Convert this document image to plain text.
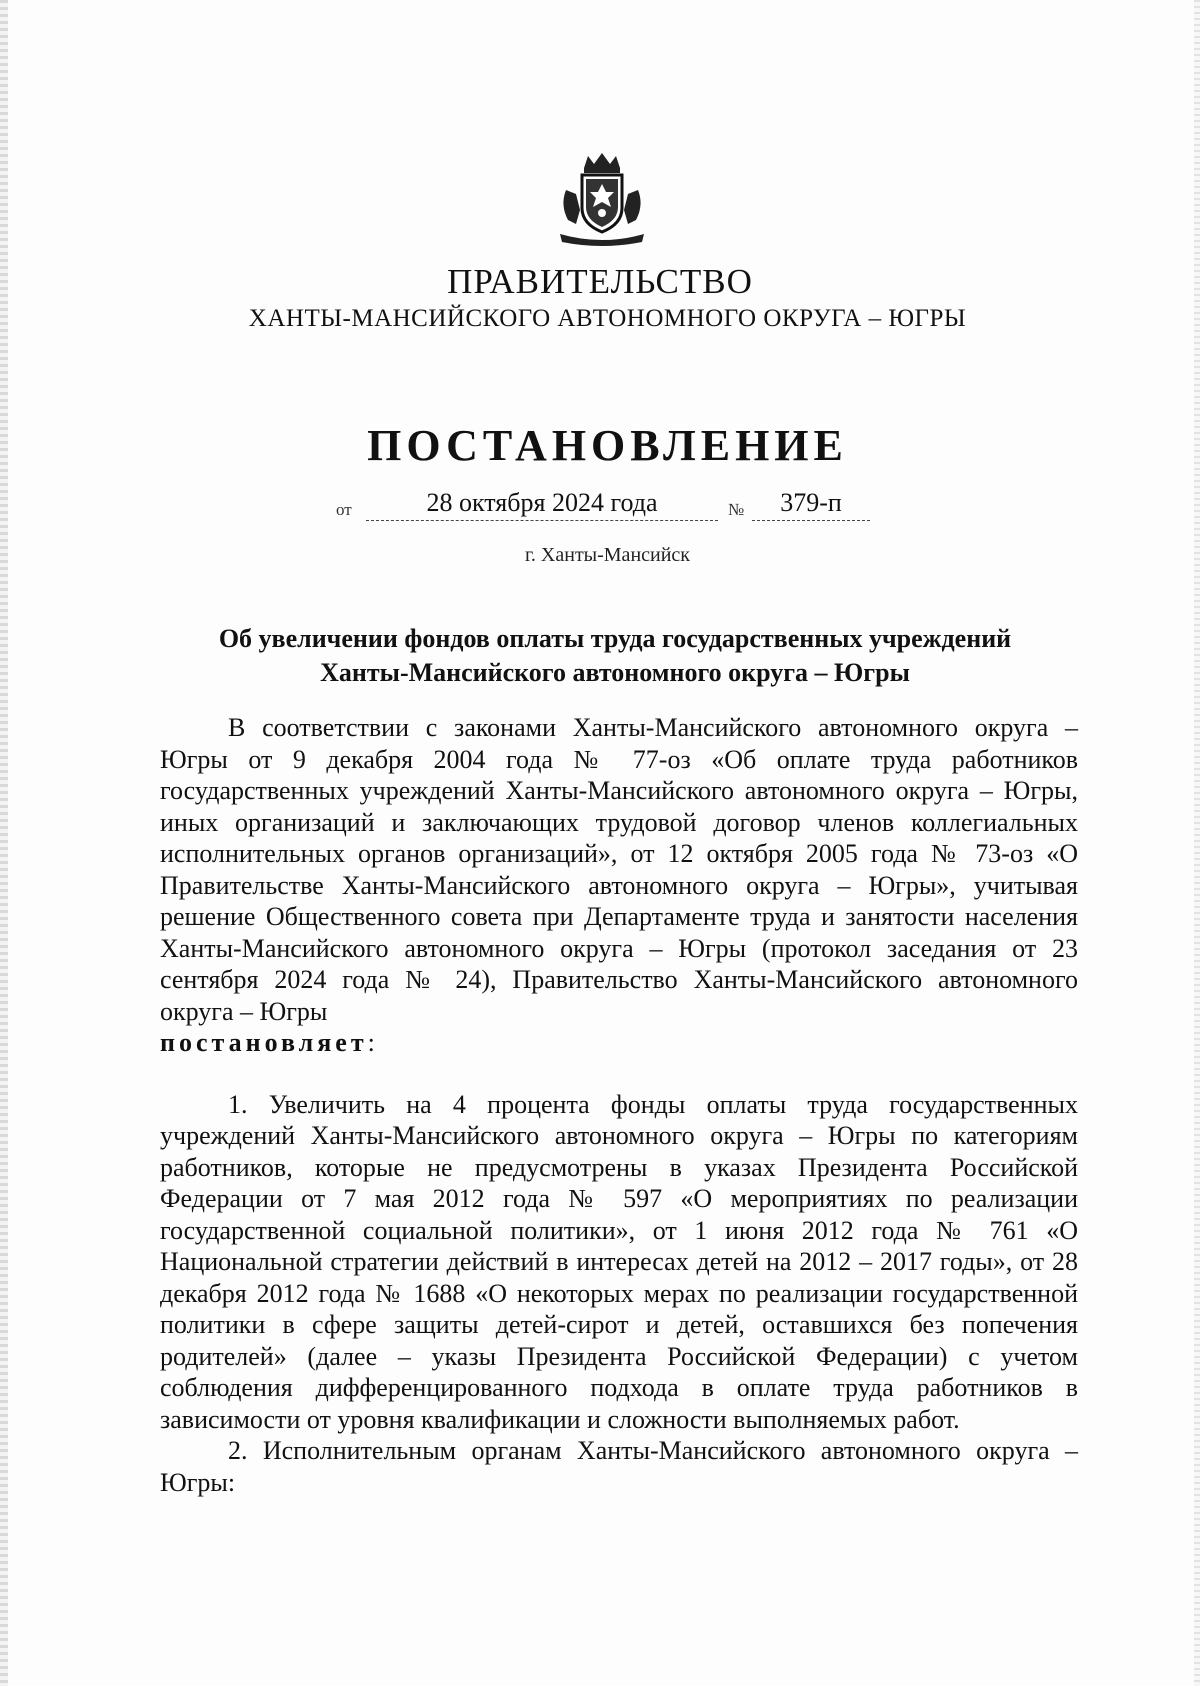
ПРАВИТЕЛЬСТВО
ХАНТЫ-МАНСИЙСКОГО АВТОНОМНОГО ОКРУГА – ЮГРЫ
ПОСТАНОВЛЕНИЕ
от	28 октября 2024 года	№	379-п
г. Ханты-Мансийск
Об увеличении фондов оплаты труда государственных учреждений
Ханты-Мансийского автономного округа – Югры

В соответствии с законами Ханты-Мансийского автономного округа – Югры от 9 декабря 2004 года № 77-оз «Об оплате труда работников государственных учреждений Ханты-Мансийского автономного округа – Югры, иных организаций и заключающих трудовой договор членов коллегиальных исполнительных органов организаций», от 12 октября 2005 года № 73-оз «О Правительстве Ханты-Мансийского автономного округа – Югры», учитывая решение Общественного совета при Департаменте труда и занятости населения Ханты-Мансийского автономного округа – Югры (протокол заседания от 23 сентября 2024 года № 24), Правительство Ханты-Мансийского автономного округа – Югры
постановляет:

1. Увеличить на 4 процента фонды оплаты труда государственных учреждений Ханты-Мансийского автономного округа – Югры по категориям работников, которые не предусмотрены в указах Президента Российской Федерации от 7 мая 2012 года № 597 «О мероприятиях по реализации государственной социальной политики», от 1 июня 2012 года № 761 «О Национальной стратегии действий в интересах детей на 2012 – 2017 годы», от 28 декабря 2012 года № 1688 «О некоторых мерах по реализации государственной политики в сфере защиты детей-сирот и детей, оставшихся без попечения родителей» (далее – указы Президента Российской Федерации) с учетом соблюдения дифференцированного подхода в оплате труда работников в зависимости от уровня квалификации и сложности выполняемых работ.

2. Исполнительным органам Ханты-Мансийского автономного округа – Югры:
